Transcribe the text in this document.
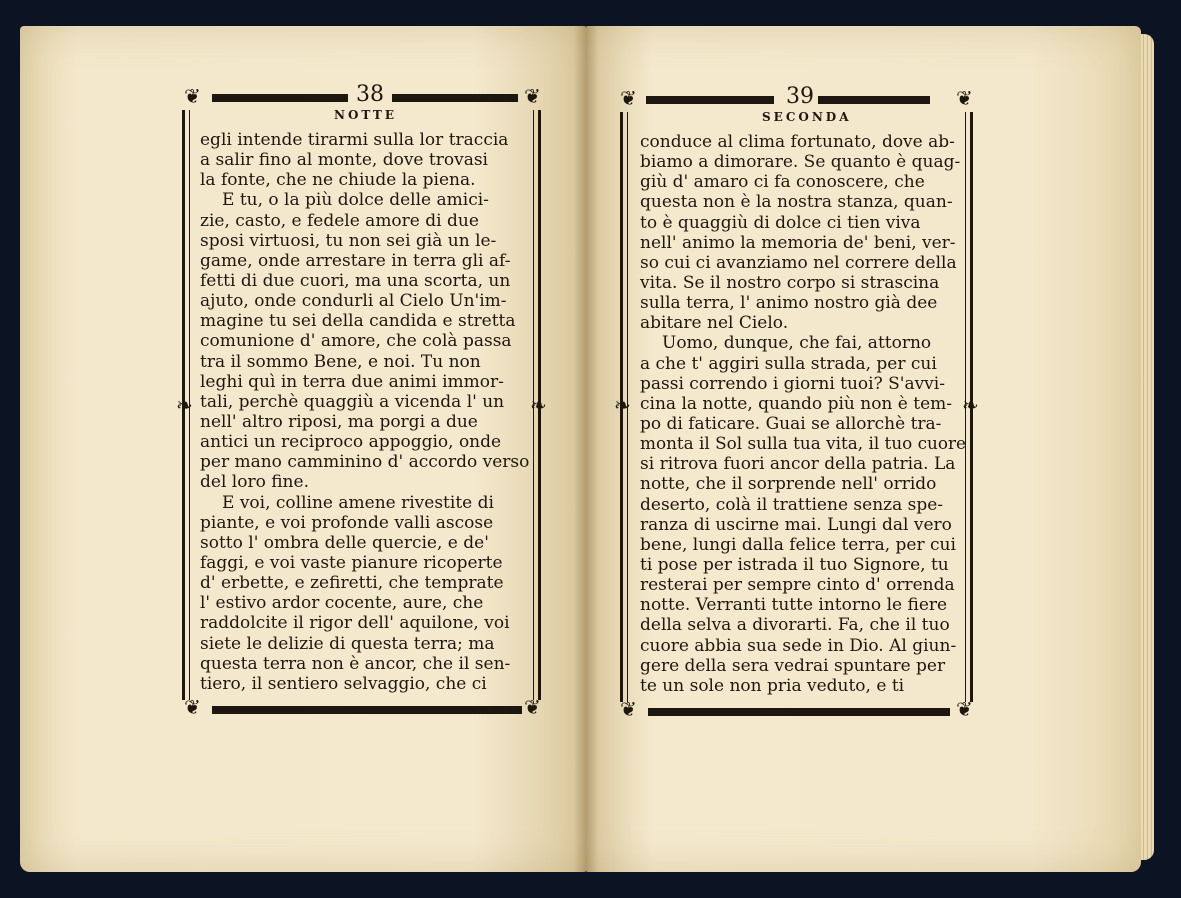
❦	❦
❦	❦
❧	❧
38
NOTTE
egli intende tirarmi sulla lor traccia
a salir fino al monte, dove trovasi
la fonte, che ne chiude la piena.
E tu, o la più dolce delle amici-
zie, casto, e fedele amore di due
sposi virtuosi, tu non sei già un le-
game, onde arrestare in terra gli af-
fetti di due cuori, ma una scorta, un
ajuto, onde condurli al Cielo Un'im-
magine tu sei della candida e stretta
comunione d' amore, che colà passa
tra il sommo Bene, e noi. Tu non
leghi quì in terra due animi immor-
tali, perchè quaggiù a vicenda l' un
nell' altro riposi, ma porgi a due
antici un reciproco appoggio, onde
per mano camminino d' accordo verso
del loro fine.
E voi, colline amene rivestite di
piante, e voi profonde valli ascose
sotto l' ombra delle quercie, e de'
faggi, e voi vaste pianure ricoperte
d' erbette, e zefiretti, che temprate
l' estivo ardor cocente, aure, che
raddolcite il rigor dell' aquilone, voi
siete le delizie di questa terra; ma
questa terra non è ancor, che il sen-
tiero, il sentiero selvaggio, che ci
❦	❦
❦	❦
❧	❧
39
SECONDA
conduce al clima fortunato, dove ab-
biamo a dimorare. Se quanto è quag-
giù d' amaro ci fa conoscere, che
questa non è la nostra stanza, quan-
to è quaggiù di dolce ci tien viva
nell' animo la memoria de' beni, ver-
so cui ci avanziamo nel correre della
vita. Se il nostro corpo si strascina
sulla terra, l' animo nostro già dee
abitare nel Cielo.
Uomo, dunque, che fai, attorno
a che t' aggiri sulla strada, per cui
passi correndo i giorni tuoi? S'avvi-
cina la notte, quando più non è tem-
po di faticare. Guai se allorchè tra-
monta il Sol sulla tua vita, il tuo cuore
si ritrova fuori ancor della patria. La
notte, che il sorprende nell' orrido
deserto, colà il trattiene senza spe-
ranza di uscirne mai. Lungi dal vero
bene, lungi dalla felice terra, per cui
ti pose per istrada il tuo Signore, tu
resterai per sempre cinto d' orrenda
notte. Verranti tutte intorno le fiere
della selva a divorarti. Fa, che il tuo
cuore abbia sua sede in Dio. Al giun-
gere della sera vedrai spuntare per
te un sole non pria veduto, e ti
